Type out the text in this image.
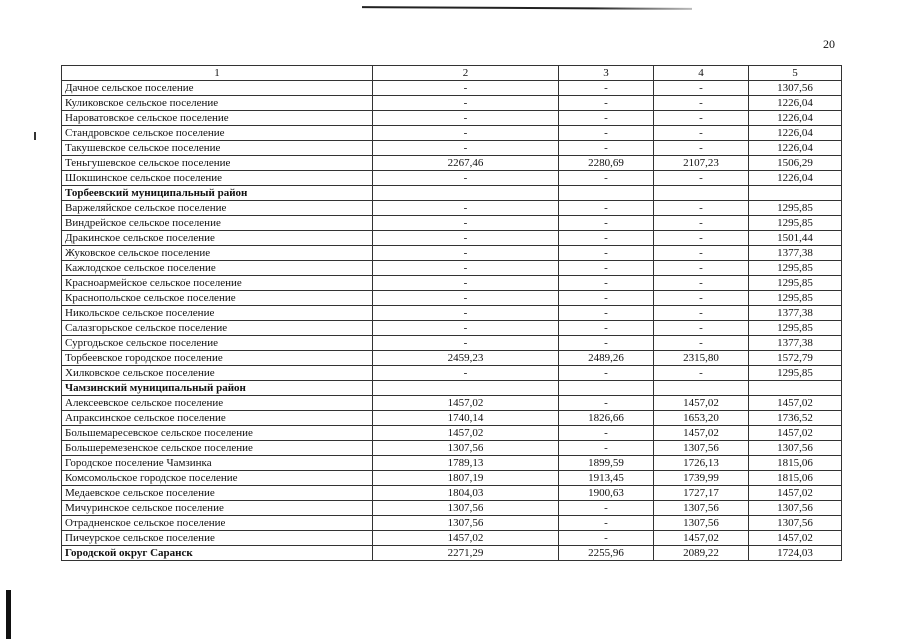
20
1	2	3	4	5
Дачное сельское поселение	-	-	-	1307,56
Куликовское сельское поселение	-	-	-	1226,04
Нароватовское сельское поселение	-	-	-	1226,04
Стандровское сельское поселение	-	-	-	1226,04
Такушевское сельское поселение	-	-	-	1226,04
Теньгушевское сельское поселение	2267,46	2280,69	2107,23	1506,29
Шокшинское сельское поселение	-	-	-	1226,04
Торбеевский муниципальный район				
Варжеляйское сельское поселение	-	-	-	1295,85
Виндрейское сельское поселение	-	-	-	1295,85
Дракинское сельское поселение	-	-	-	1501,44
Жуковское сельское поселение	-	-	-	1377,38
Кажлодское сельское поселение	-	-	-	1295,85
Красноармейское сельское поселение	-	-	-	1295,85
Краснопольское сельское поселение	-	-	-	1295,85
Никольское сельское поселение	-	-	-	1377,38
Салазгорьское сельское поселение	-	-	-	1295,85
Сургодьское сельское поселение	-	-	-	1377,38
Торбеевское городское поселение	2459,23	2489,26	2315,80	1572,79
Хилковское сельское поселение	-	-	-	1295,85
Чамзинский муниципальный район				
Алексеевское сельское поселение	1457,02	-	1457,02	1457,02
Апраксинское сельское поселение	1740,14	1826,66	1653,20	1736,52
Большемаресевское сельское поселение	1457,02	-	1457,02	1457,02
Большеремезенское сельское поселение	1307,56	-	1307,56	1307,56
Городское поселение Чамзинка	1789,13	1899,59	1726,13	1815,06
Комсомольское городское поселение	1807,19	1913,45	1739,99	1815,06
Медаевское сельское поселение	1804,03	1900,63	1727,17	1457,02
Мичуринское сельское поселение	1307,56	-	1307,56	1307,56
Отрадненское сельское поселение	1307,56	-	1307,56	1307,56
Пичеурское сельское поселение	1457,02	-	1457,02	1457,02
Городской округ Саранск	2271,29	2255,96	2089,22	1724,03
